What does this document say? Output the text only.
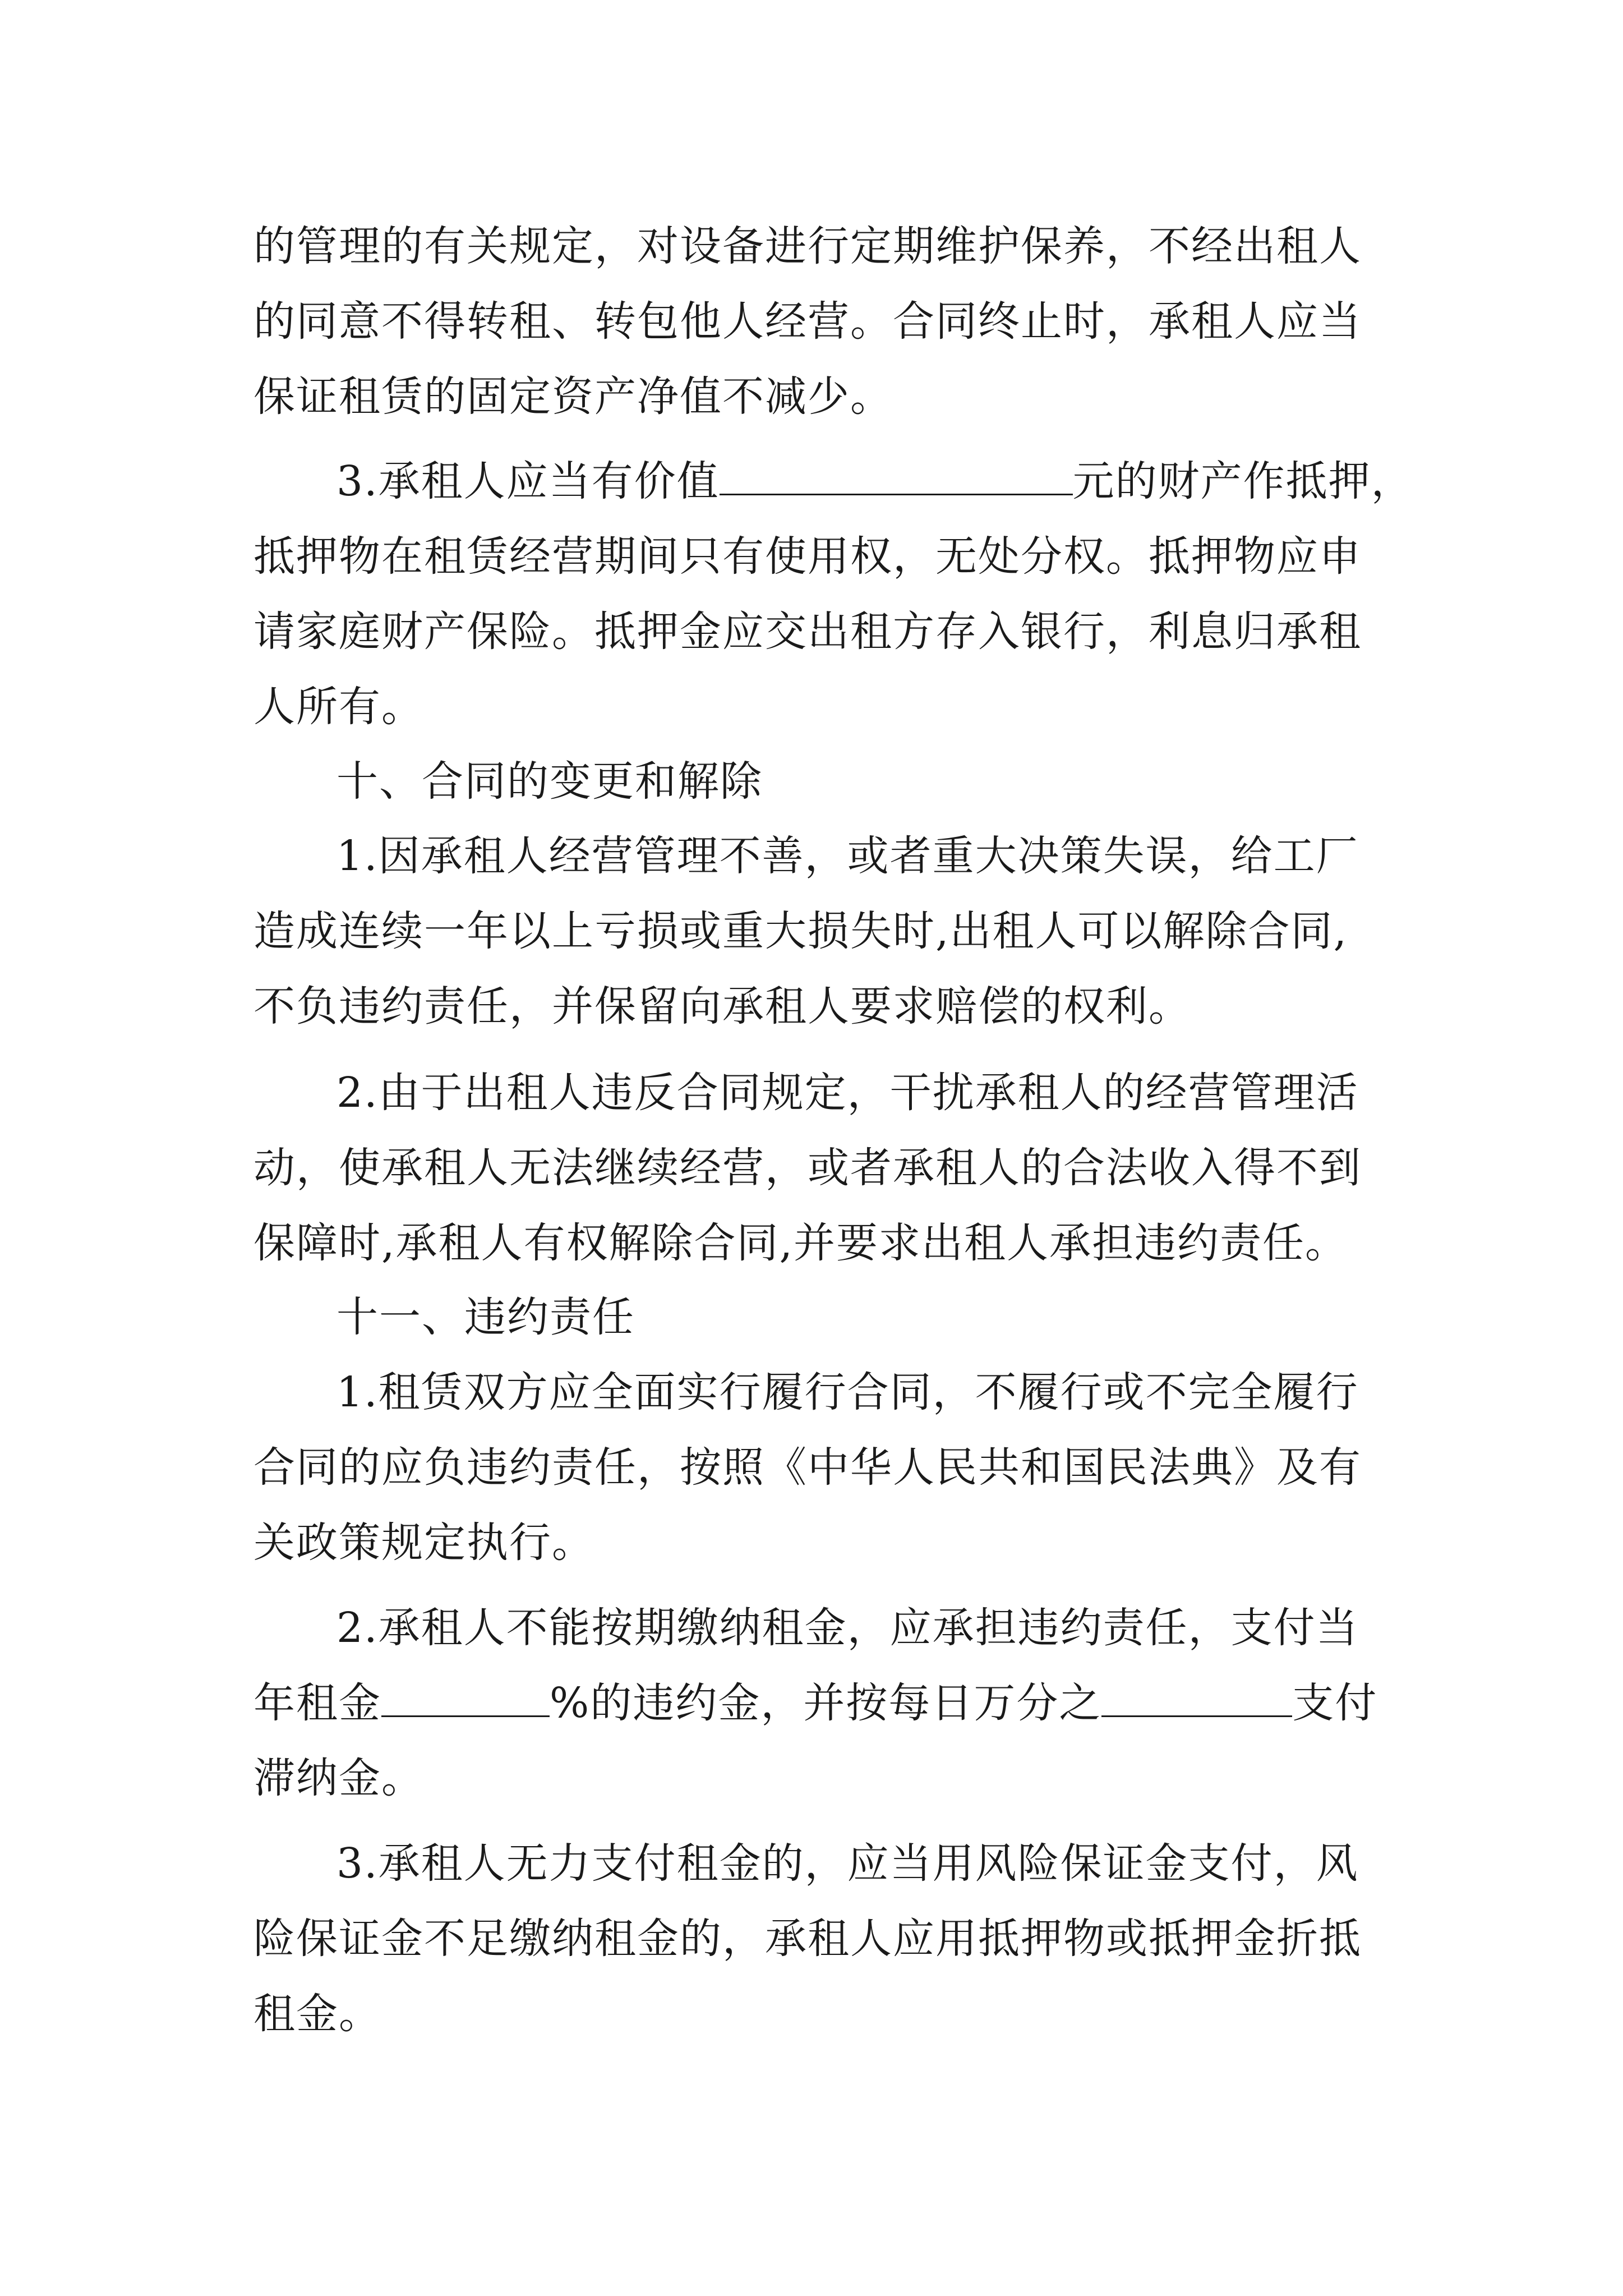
的管理的有关规定，对设备进行定期维护保养，不经出租人
的同意不得转租、转包他人经营。合同终止时，承租人应当
保证租赁的固定资产净值不减少。
3.承租人应当有价值	元的财产作抵押，
抵押物在租赁经营期间只有使用权，无处分权。抵押物应申
请家庭财产保险。抵押金应交出租方存入银行，利息归承租
人所有。
十、合同的变更和解除
1.因承租人经营管理不善，或者重大决策失误，给工厂
造成连续一年以上亏损或重大损失时,出租人可以解除合同,
不负违约责任，并保留向承租人要求赔偿的权利。
2.由于出租人违反合同规定，干扰承租人的经营管理活
动，使承租人无法继续经营，或者承租人的合法收入得不到
保障时,承租人有权解除合同,并要求出租人承担违约责任。
十一、违约责任
1.租赁双方应全面实行履行合同，不履行或不完全履行
合同的应负违约责任，按照《中华人民共和国民法典》及有
关政策规定执行。
2.承租人不能按期缴纳租金，应承担违约责任，支付当
年租金	%的违约金，并按每日万分之	支付
滞纳金。
3.承租人无力支付租金的，应当用风险保证金支付，风
险保证金不足缴纳租金的，承租人应用抵押物或抵押金折抵
租金。
